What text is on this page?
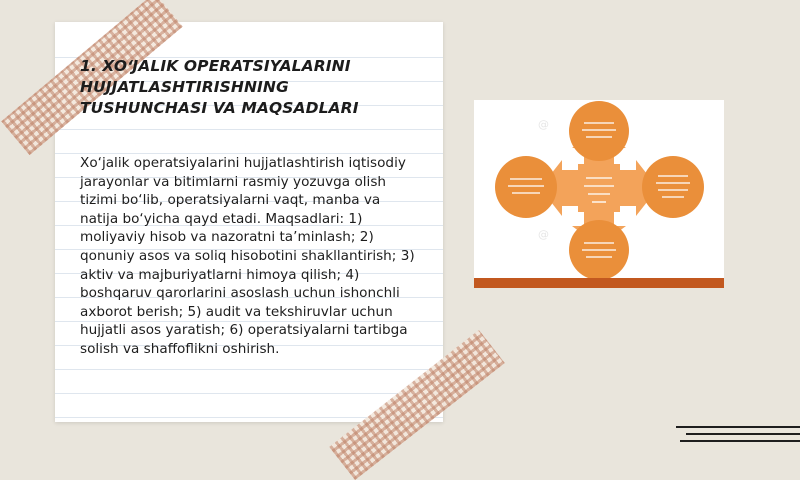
1. XO‘JALIK OPERATSIYALARINI HUJJATLASHTIRISHNING TUSHUNCHASI VA MAQSADLARI

Xo‘jalik operatsiyalarini hujjatlashtirish iqtisodiy jarayonlar va bitimlarni rasmiy yozuvga olish tizimi bo‘lib, operatsiyalarni vaqt, manba va natija bo‘yicha qayd etadi. Maqsadlari: 1) moliyaviy hisob va nazoratni ta’minlash; 2) qonuniy asos va soliq hisobotini shakllantirish; 3) aktiv va majburiyatlarni himoya qilish; 4) boshqaruv qarorlarini asoslash uchun ishonchli axborot berish; 5) audit va tekshiruvlar uchun hujjatli asos yaratish; 6) operatsiyalarni tartibga solish va shaffoflikni oshirish.

@
@
